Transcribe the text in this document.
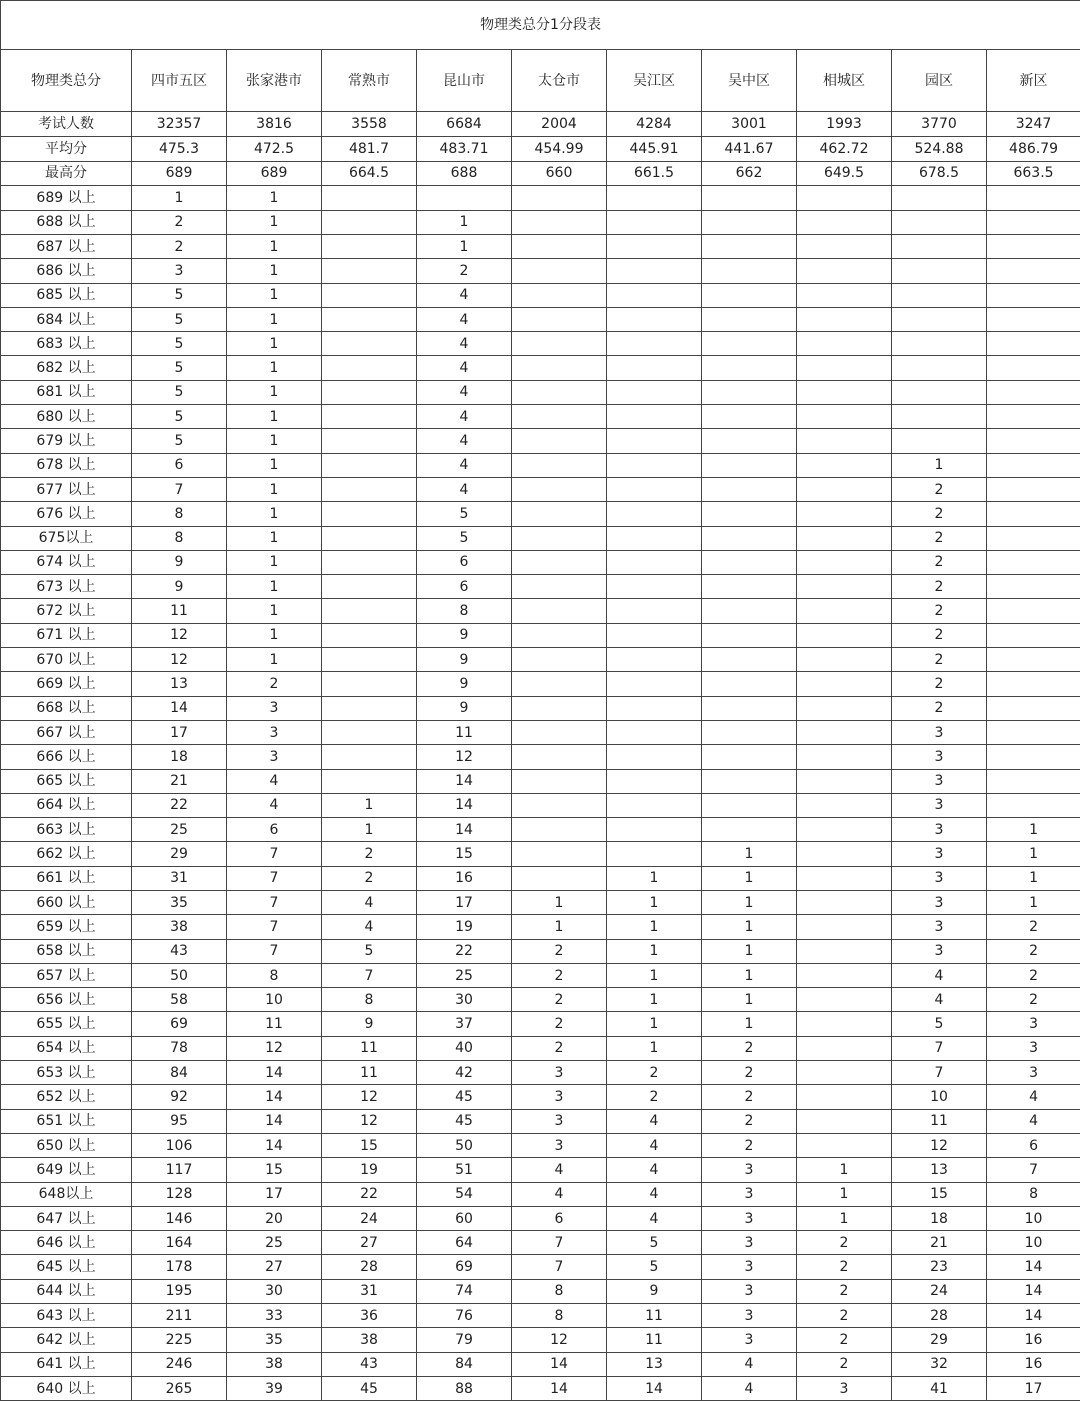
物理类总分1分段表										
物理类总分	四市五区	张家港市	常熟市	昆山市	太仓市	吴江区	吴中区	相城区	园区	新区
考试人数	32357	3816	3558	6684	2004	4284	3001	1993	3770	3247
平均分	475.3	472.5	481.7	483.71	454.99	445.91	441.67	462.72	524.88	486.79
最高分	689	689	664.5	688	660	661.5	662	649.5	678.5	663.5
689 以上	1	1								
688 以上	2	1		1						
687 以上	2	1		1						
686 以上	3	1		2						
685 以上	5	1		4						
684 以上	5	1		4						
683 以上	5	1		4						
682 以上	5	1		4						
681 以上	5	1		4						
680 以上	5	1		4						
679 以上	5	1		4						
678 以上	6	1		4					1	
677 以上	7	1		4					2	
676 以上	8	1		5					2	
675以上	8	1		5					2	
674 以上	9	1		6					2	
673 以上	9	1		6					2	
672 以上	11	1		8					2	
671 以上	12	1		9					2	
670 以上	12	1		9					2	
669 以上	13	2		9					2	
668 以上	14	3		9					2	
667 以上	17	3		11					3	
666 以上	18	3		12					3	
665 以上	21	4		14					3	
664 以上	22	4	1	14					3	
663 以上	25	6	1	14					3	1
662 以上	29	7	2	15			1		3	1
661 以上	31	7	2	16		1	1		3	1
660 以上	35	7	4	17	1	1	1		3	1
659 以上	38	7	4	19	1	1	1		3	2
658 以上	43	7	5	22	2	1	1		3	2
657 以上	50	8	7	25	2	1	1		4	2
656 以上	58	10	8	30	2	1	1		4	2
655 以上	69	11	9	37	2	1	1		5	3
654 以上	78	12	11	40	2	1	2		7	3
653 以上	84	14	11	42	3	2	2		7	3
652 以上	92	14	12	45	3	2	2		10	4
651 以上	95	14	12	45	3	4	2		11	4
650 以上	106	14	15	50	3	4	2		12	6
649 以上	117	15	19	51	4	4	3	1	13	7
648以上	128	17	22	54	4	4	3	1	15	8
647 以上	146	20	24	60	6	4	3	1	18	10
646 以上	164	25	27	64	7	5	3	2	21	10
645 以上	178	27	28	69	7	5	3	2	23	14
644 以上	195	30	31	74	8	9	3	2	24	14
643 以上	211	33	36	76	8	11	3	2	28	14
642 以上	225	35	38	79	12	11	3	2	29	16
641 以上	246	38	43	84	14	13	4	2	32	16
640 以上	265	39	45	88	14	14	4	3	41	17
